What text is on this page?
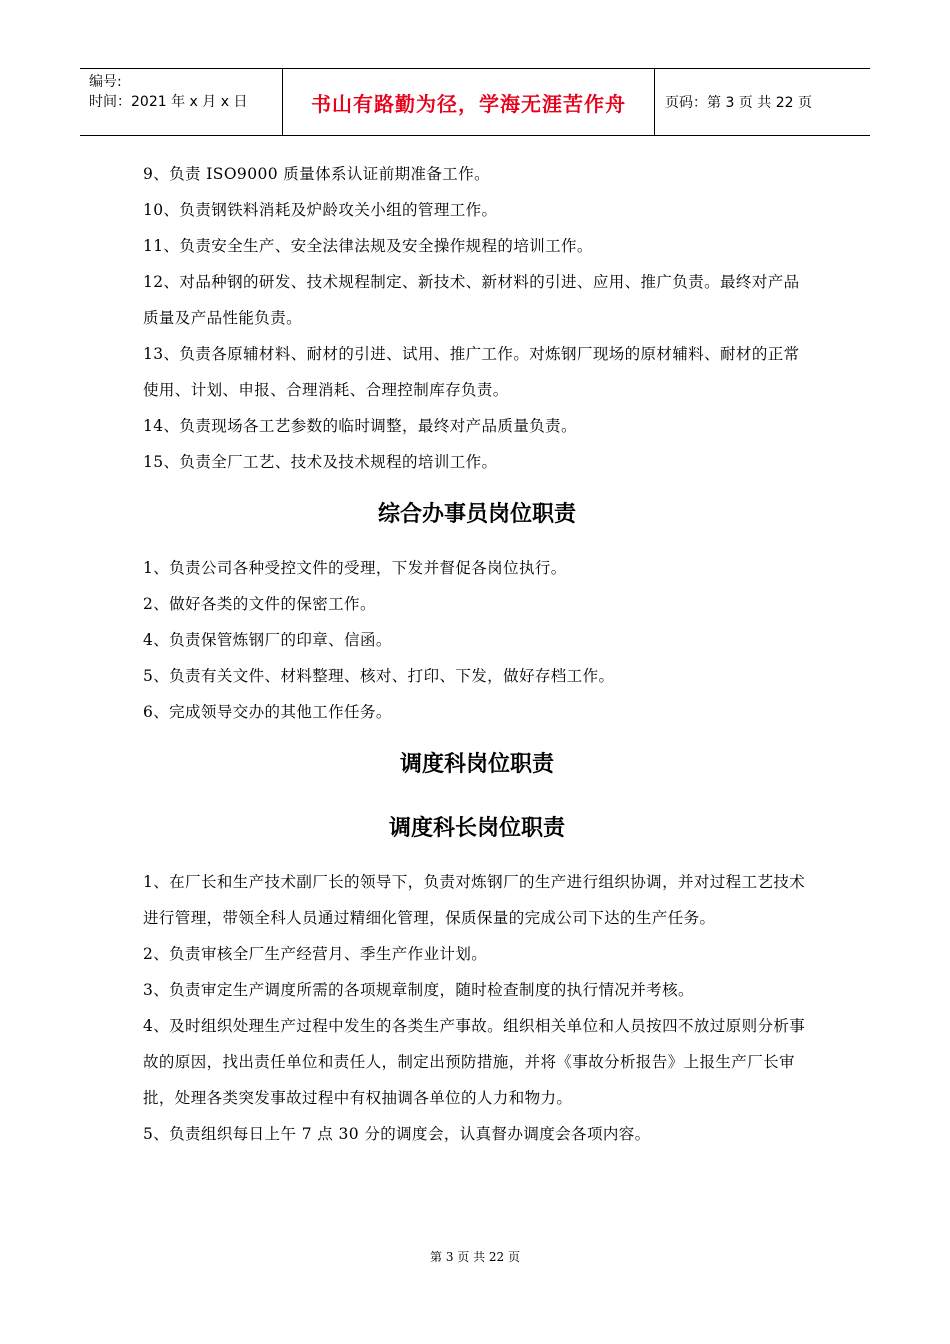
编号:
时间：2021 年 x 月 x 日	书山有路勤为径，学海无涯苦作舟	页码：第 3 页 共 22 页

9、负责 ISO9000 质量体系认证前期准备工作。

10、负责钢铁料消耗及炉龄攻关小组的管理工作。

11、负责安全生产、安全法律法规及安全操作规程的培训工作。

12、对品种钢的研发、技术规程制定、新技术、新材料的引进、应用、推广负责。最终对产品质量及产品性能负责。

13、负责各原辅材料、耐材的引进、试用、推广工作。对炼钢厂现场的原材辅料、耐材的正常使用、计划、申报、合理消耗、合理控制库存负责。

14、负责现场各工艺参数的临时调整，最终对产品质量负责。

15、负责全厂工艺、技术及技术规程的培训工作。

综合办事员岗位职责

1、负责公司各种受控文件的受理，下发并督促各岗位执行。

2、做好各类的文件的保密工作。

4、负责保管炼钢厂的印章、信函。

5、负责有关文件、材料整理、核对、打印、下发，做好存档工作。

6、完成领导交办的其他工作任务。

调度科岗位职责
调度科长岗位职责

1、在厂长和生产技术副厂长的领导下，负责对炼钢厂的生产进行组织协调，并对过程工艺技术进行管理，带领全科人员通过精细化管理，保质保量的完成公司下达的生产任务。

2、负责审核全厂生产经营月、季生产作业计划。

3、负责审定生产调度所需的各项规章制度，随时检查制度的执行情况并考核。

4、及时组织处理生产过程中发生的各类生产事故。组织相关单位和人员按四不放过原则分析事故的原因，找出责任单位和责任人，制定出预防措施，并将《事故分析报告》上报生产厂长审批，处理各类突发事故过程中有权抽调各单位的人力和物力。

5、负责组织每日上午 7 点 30 分的调度会，认真督办调度会各项内容。

第 3 页 共 22 页
